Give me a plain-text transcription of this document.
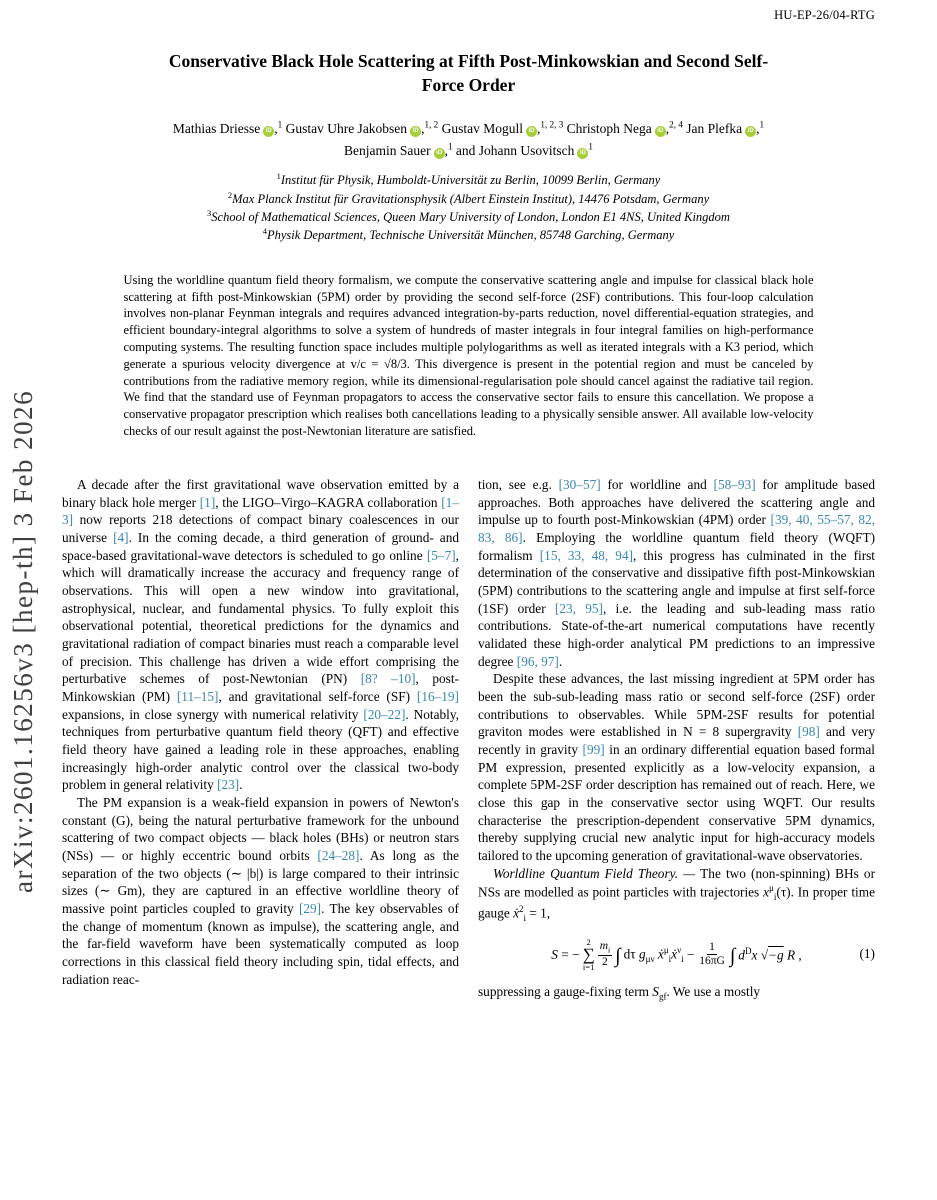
HU-EP-26/04-RTG
Conservative Black Hole Scattering at Fifth Post-Minkowskian and Second Self-Force Order
Mathias Driesse iD ,$^1$ Gustav Uhre Jakobsen iD ,$^{1, 2}$ Gustav Mogull iD ,$^{1, 2, 3}$ Christoph Nega iD ,$^{2, 4}$ Jan Plefka iD ,$^1$ Benjamin Sauer iD ,$^1$ and Johann Usovitsch $iD^1$
$^1$Institut für Physik, Humboldt-Universität zu Berlin, 10099 Berlin, Germany
$^2$Max Planck Institut für Gravitationsphysik (Albert Einstein Institut), 14476 Potsdam, Germany
$^3$School of Mathematical Sciences, Queen Mary University of London, London E1 4NS, United Kingdom
$^4$Physik Department, Technische Universität München, 85748 Garching, Germany
Using the worldline quantum field theory formalism, we compute the conservative scattering angle and impulse for classical black hole scattering at fifth post-Minkowskian (5PM) order by providing the second self-force (2SF) contributions. This four-loop calculation involves non-planar Feynman integrals and requires advanced integration-by-parts reduction, novel differential-equation strategies, and efficient boundary-integral algorithms to solve a system of hundreds of master integrals in four integral families on high-performance computing systems. The resulting function space includes multiple polylogarithms as well as iterated integrals with a K3 period, which generate a spurious velocity divergence at v/c = √8/3. This divergence is present in the potential region and must be canceled by contributions from the radiative memory region, while its dimensional-regularisation pole should cancel against the radiative tail region. We find that the standard use of Feynman propagators to access the conservative sector fails to ensure this cancellation. We propose a conservative propagator prescription which realises both cancellations leading to a physically sensible answer. All available low-velocity checks of our result against the post-Newtonian literature are satisfied.

A decade after the first gravitational wave observation emitted by a binary black hole merger [1], the LIGO–Virgo–KAGRA collaboration [1–3] now reports 218 detections of compact binary coalescences in our universe [4]. In the coming decade, a third generation of ground- and space-based gravitational-wave detectors is scheduled to go online [5–7], which will dramatically increase the accuracy and frequency range of observations. This will open a new window into gravitational, astrophysical, nuclear, and fundamental physics. To fully exploit this observational potential, theoretical predictions for the dynamics and gravitational radiation of compact binaries must reach a comparable level of precision. This challenge has driven a wide effort comprising the perturbative schemes of post-Newtonian (PN) [8? –10], post-Minkowskian (PM) [11–15], and gravitational self-force (SF) [16–19] expansions, in close synergy with numerical relativity [20–22]. Notably, techniques from perturbative quantum field theory (QFT) and effective field theory have gained a leading role in these approaches, enabling increasingly high-order analytic control over the classical two-body problem in general relativity [23].

The PM expansion is a weak-field expansion in powers of Newton's constant (G), being the natural perturbative framework for the unbound scattering of two compact objects — black holes (BHs) or neutron stars (NSs) — or highly eccentric bound orbits [24–28]. As long as the separation of the two objects (∼ |b|) is large compared to their intrinsic sizes (∼ Gm), they are captured in an effective worldline theory of massive point particles coupled to gravity [29]. The key observables of the change of momentum (known as impulse), the scattering angle, and the far-field waveform have been systematically computed as loop corrections in this classical field theory including spin, tidal effects, and radiation reac-

tion, see e.g. [30–57] for worldline and [58–93] for amplitude based approaches. Both approaches have delivered the scattering angle and impulse up to fourth post-Minkowskian (4PM) order [39, 40, 55–57, 82, 83, 86]. Employing the worldline quantum field theory (WQFT) formalism [15, 33, 48, 94], this progress has culminated in the first determination of the conservative and dissipative fifth post-Minkowskian (5PM) contributions to the scattering angle and impulse at first self-force (1SF) order [23, 95], i.e. the leading and sub-leading mass ratio contributions. State-of-the-art numerical computations have recently validated these high-order analytical PM predictions to an impressive degree [96, 97].

Despite these advances, the last missing ingredient at 5PM order has been the sub-sub-leading mass ratio or second self-force (2SF) order contributions to observables. While 5PM-2SF results for potential graviton modes were established in N = 8 supergravity [98] and very recently in gravity [99] in an ordinary differential equation based formal PM expression, presented explicitly as a low-velocity expansion, a complete 5PM-2SF order description has remained out of reach. Here, we close this gap in the conservative sector using WQFT. Our results characterise the prescription-dependent conservative 5PM dynamics, thereby supplying crucial new analytic input for high-accuracy models tailored to the upcoming generation of gravitational-wave observatories.

Worldline Quantum Field Theory. — The two (non-spinning) BHs or NSs are modelled as point particles with trajectories $x^\mu_i(\tau)$. In proper time gauge ẋ$^2_i$ = 1,

S = −
2
∑
$i=1 \frac{m_i}{2}$ ∫ dτ $g_{\mu\nu}$ ẋ$^\mu_i$ẋ$^\nu_i$ − $\frac{1}{16\pi G}$ ∫ $d^Dx$ √−g R ,	(1)

suppressing a gauge-fixing term $S_{gf}$. We use a mostly

arXiv:2601.16256v3 [hep-th] 3 Feb 2026
